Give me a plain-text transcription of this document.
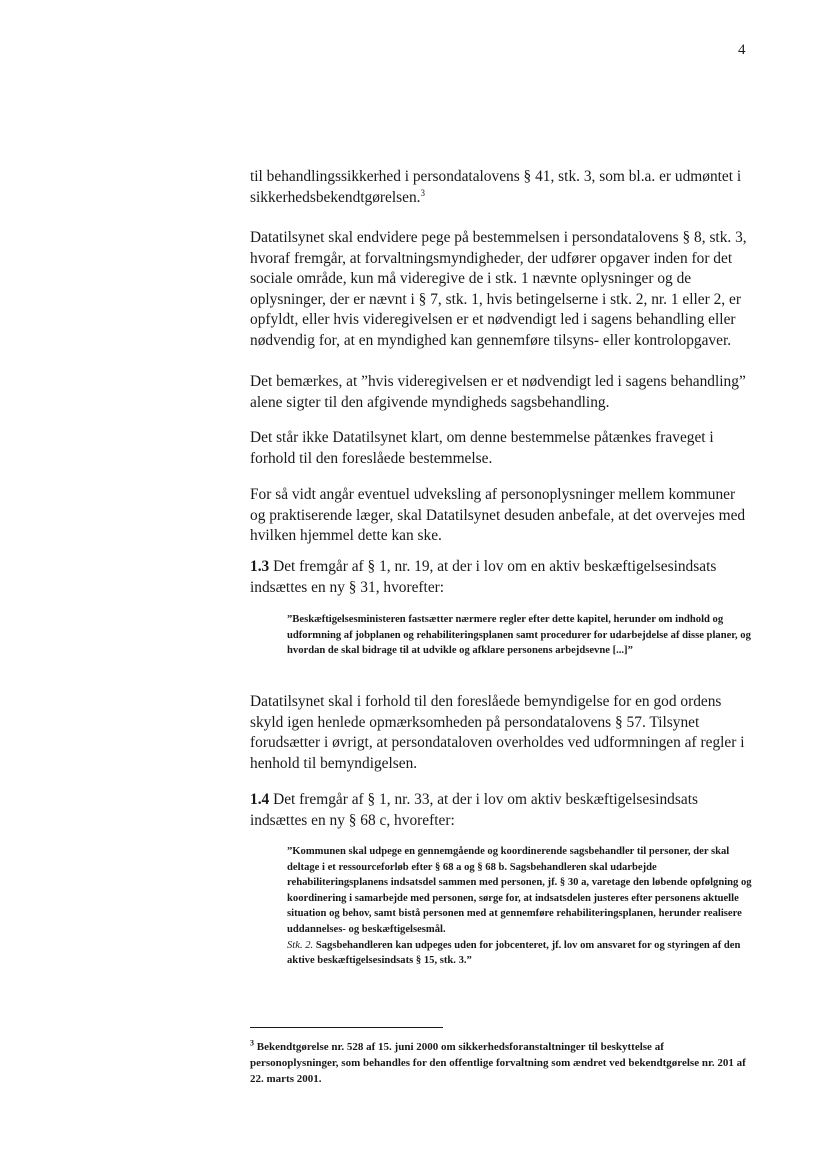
4

til behandlingssikkerhed i persondatalovens § 41, stk. 3, som bl.a. er udmøntet i sikkerhedsbekendtgørelsen.$^3$

Datatilsynet skal endvidere pege på bestemmelsen i persondatalovens § 8, stk. 3, hvoraf fremgår, at forvaltningsmyndigheder, der udfører opgaver inden for det sociale område, kun må videregive de i stk. 1 nævnte oplysninger og de oplysninger, der er nævnt i § 7, stk. 1, hvis betingelserne i stk. 2, nr. 1 eller 2, er opfyldt, eller hvis videregivelsen er et nødvendigt led i sagens behandling eller nødvendig for, at en myndighed kan gennemføre tilsyns- eller kontrolopgaver.

Det bemærkes, at ”hvis videregivelsen er et nødvendigt led i sagens behandling” alene sigter til den afgivende myndigheds sagsbehandling.

Det står ikke Datatilsynet klart, om denne bestemmelse påtænkes fraveget i forhold til den foreslåede bestemmelse.

For så vidt angår eventuel udveksling af personoplysninger mellem kommuner og praktiserende læger, skal Datatilsynet desuden anbefale, at det overvejes med hvilken hjemmel dette kan ske.

1.3 Det fremgår af § 1, nr. 19, at der i lov om en aktiv beskæftigelsesindsats indsættes en ny § 31, hvorefter:

”Beskæftigelsesministeren fastsætter nærmere regler efter dette kapitel, herunder om indhold og udformning af jobplanen og rehabiliteringsplanen samt procedurer for udarbejdelse af disse planer, og hvordan de skal bidrage til at udvikle og afklare personens arbejdsevne [...]”

Datatilsynet skal i forhold til den foreslåede bemyndigelse for en god ordens skyld igen henlede opmærksomheden på persondatalovens § 57. Tilsynet forudsætter i øvrigt, at persondataloven overholdes ved udformningen af regler i henhold til bemyndigelsen.

1.4 Det fremgår af § 1, nr. 33, at der i lov om aktiv beskæftigelsesindsats indsættes en ny § 68 c, hvorefter:

”Kommunen skal udpege en gennemgående og koordinerende sagsbehandler til personer, der skal deltage i et ressourceforløb efter § 68 a og § 68 b. Sagsbehandleren skal udarbejde rehabiliteringsplanens indsatsdel sammen med personen, jf. § 30 a, varetage den løbende opfølgning og koordinering i samarbejde med personen, sørge for, at indsatsdelen justeres efter personens aktuelle situation og behov, samt bistå personen med at gennemføre rehabiliteringsplanen, herunder realisere uddannelses- og beskæftigelsesmål.
Stk. 2. Sagsbehandleren kan udpeges uden for jobcenteret, jf. lov om ansvaret for og styringen af den aktive beskæftigelsesindsats § 15, stk. 3.”

$^3$ Bekendtgørelse nr. 528 af 15. juni 2000 om sikkerhedsforanstaltninger til beskyttelse af personoplysninger, som behandles for den offentlige forvaltning som ændret ved bekendtgørelse nr. 201 af 22. marts 2001.
